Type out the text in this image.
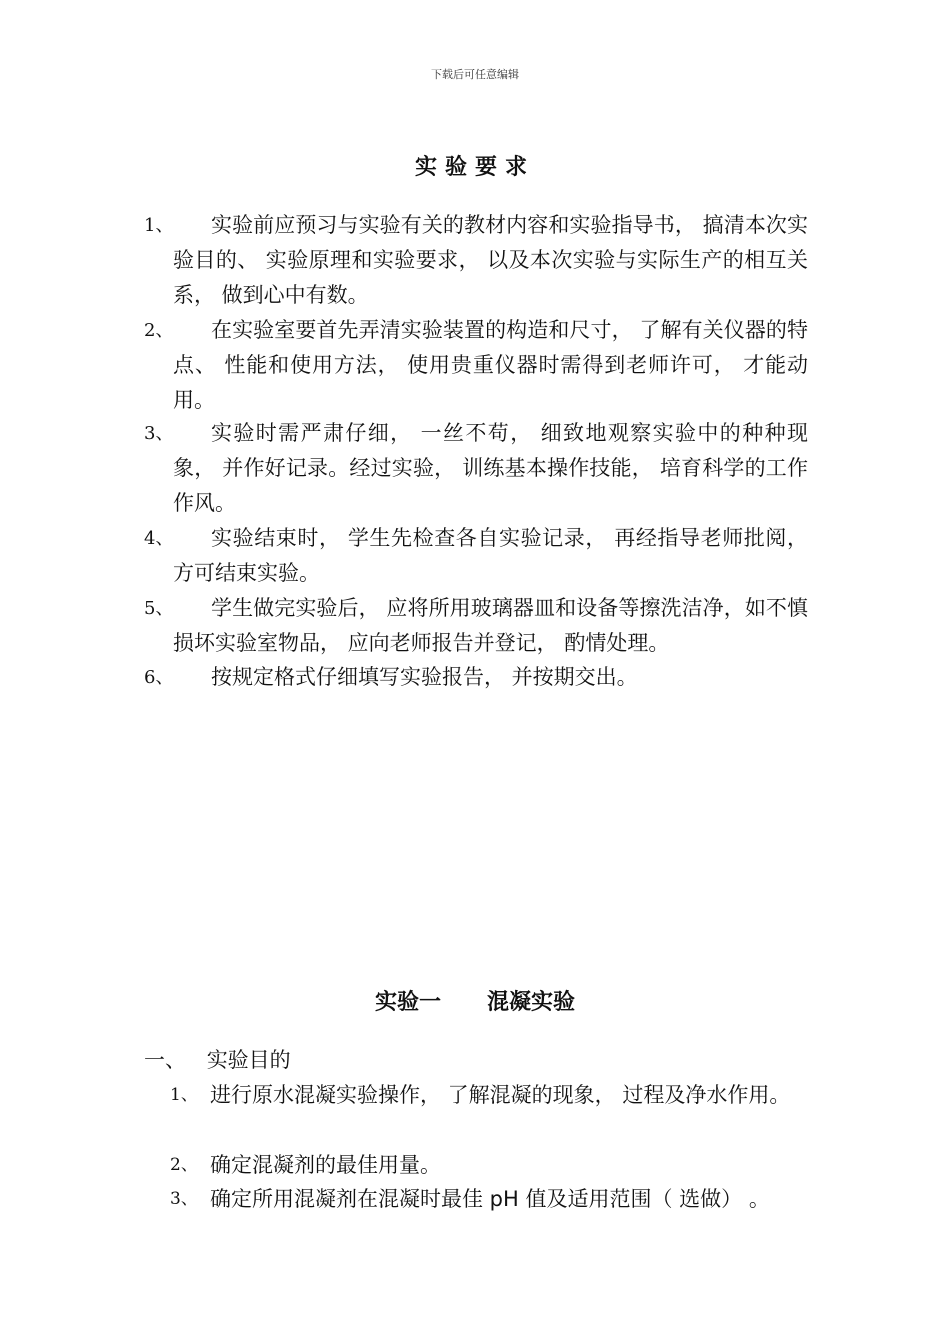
下载后可任意编辑
实验要求
1、	实验前应预习与实验有关的教材内容和实验指导书， 搞清本次实验目的、 实验原理和实验要求， 以及本次实验与实际生产的相互关系， 做到心中有数。
2、	在实验室要首先弄清实验装置的构造和尺寸， 了解有关仪器的特点、 性能和使用方法， 使用贵重仪器时需得到老师许可， 才能动用。
3、	实验时需严肃仔细， 一丝不苟， 细致地观察实验中的种种现象， 并作好记录。经过实验， 训练基本操作技能， 培育科学的工作作风。
4、	实验结束时， 学生先检查各自实验记录， 再经指导老师批阅， 方可结束实验。
5、	学生做完实验后， 应将所用玻璃器皿和设备等擦洗洁净，如不慎损坏实验室物品， 应向老师报告并登记， 酌情处理。
6、	按规定格式仔细填写实验报告， 并按期交出。
实验一 混凝实验
一、 实验目的
1、 进行原水混凝实验操作， 了解混凝的现象， 过程及净水作用。
2、 确定混凝剂的最佳用量。
3、 确定所用混凝剂在混凝时最佳 pH 值及适用范围（ 选做） 。
